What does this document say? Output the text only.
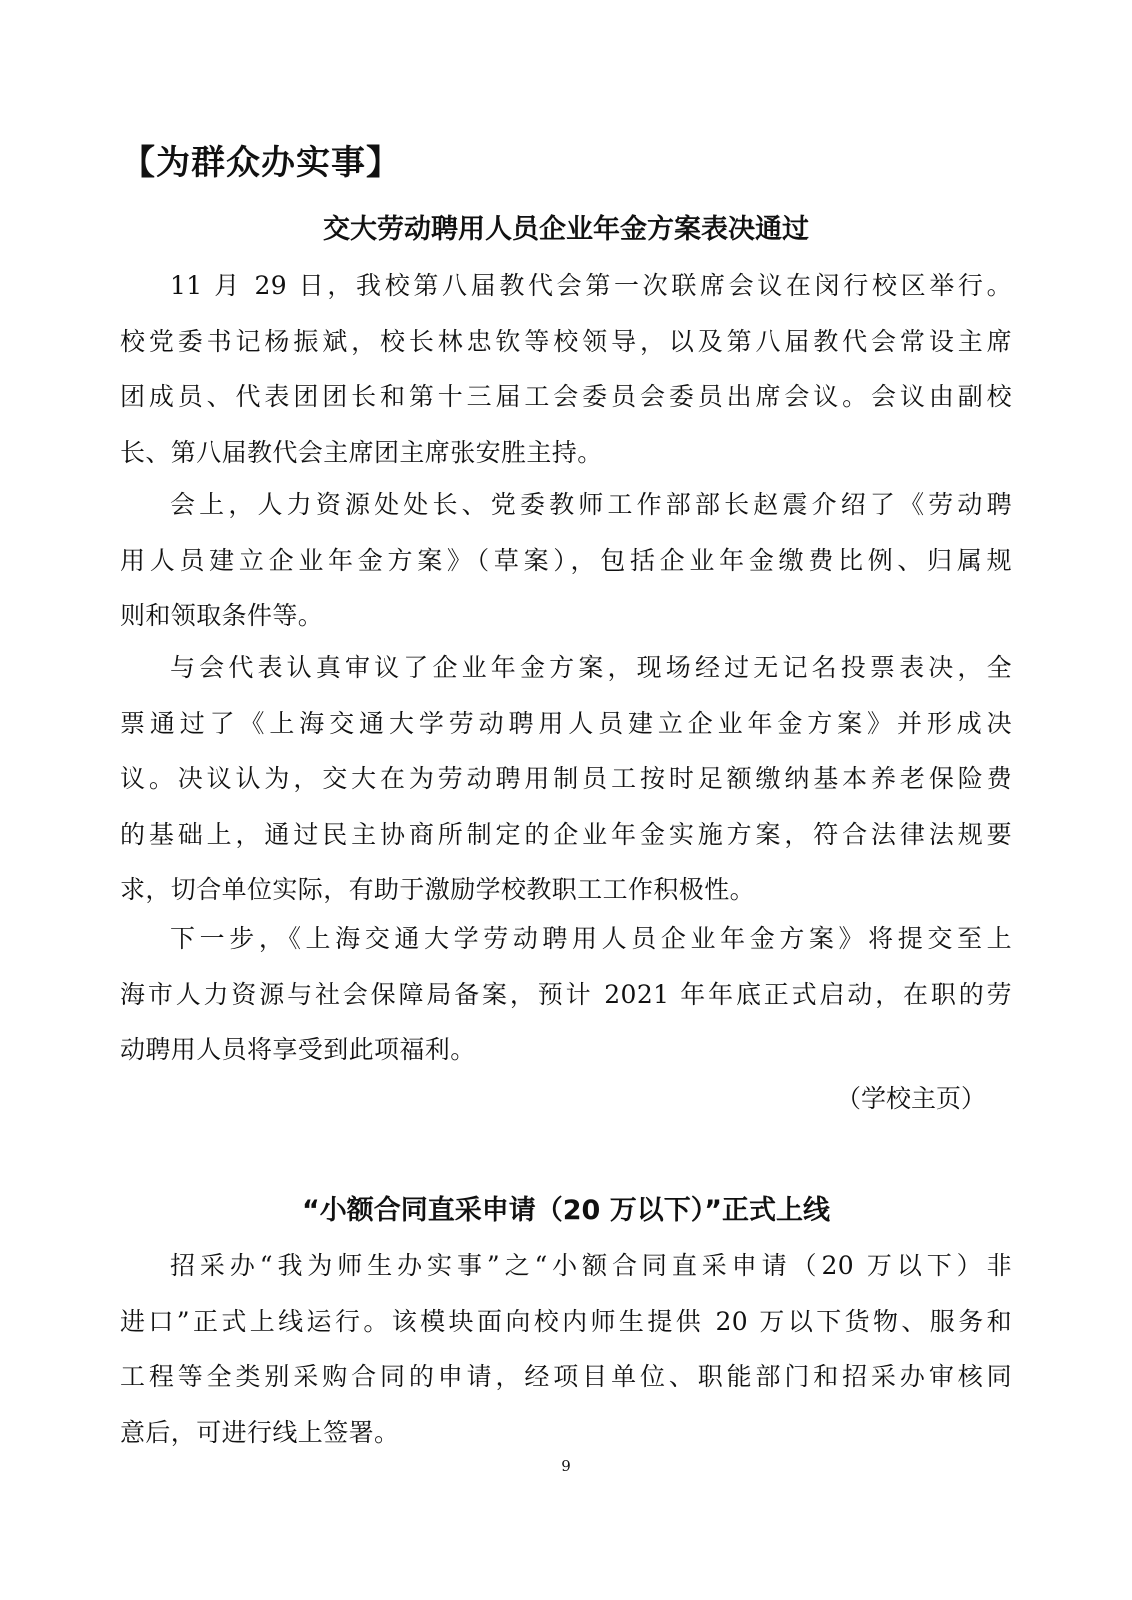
【为群众办实事】
交大劳动聘用人员企业年金方案表决通过
11 月 29 日，我校第八届教代会第一次联席会议在闵行校区举行。
校党委书记杨振斌，校长林忠钦等校领导，以及第八届教代会常设主席
团成员、代表团团长和第十三届工会委员会委员出席会议。会议由副校
长、第八届教代会主席团主席张安胜主持。
会上，人力资源处处长、党委教师工作部部长赵震介绍了《劳动聘
用人员建立企业年金方案》（草案），包括企业年金缴费比例、归属规
则和领取条件等。
与会代表认真审议了企业年金方案，现场经过无记名投票表决，全
票通过了《上海交通大学劳动聘用人员建立企业年金方案》并形成决
议。决议认为，交大在为劳动聘用制员工按时足额缴纳基本养老保险费
的基础上，通过民主协商所制定的企业年金实施方案，符合法律法规要
求，切合单位实际，有助于激励学校教职工工作积极性。
下一步，《上海交通大学劳动聘用人员企业年金方案》将提交至上
海市人力资源与社会保障局备案，预计 2021 年年底正式启动，在职的劳
动聘用人员将享受到此项福利。
（学校主页）
“小额合同直采申请（20 万以下）”正式上线
招采办“我为师生办实事”之“小额合同直采申请（20 万以下）非
进口”正式上线运行。该模块面向校内师生提供 20 万以下货物、服务和
工程等全类别采购合同的申请，经项目单位、职能部门和招采办审核同
意后，可进行线上签署。
9
